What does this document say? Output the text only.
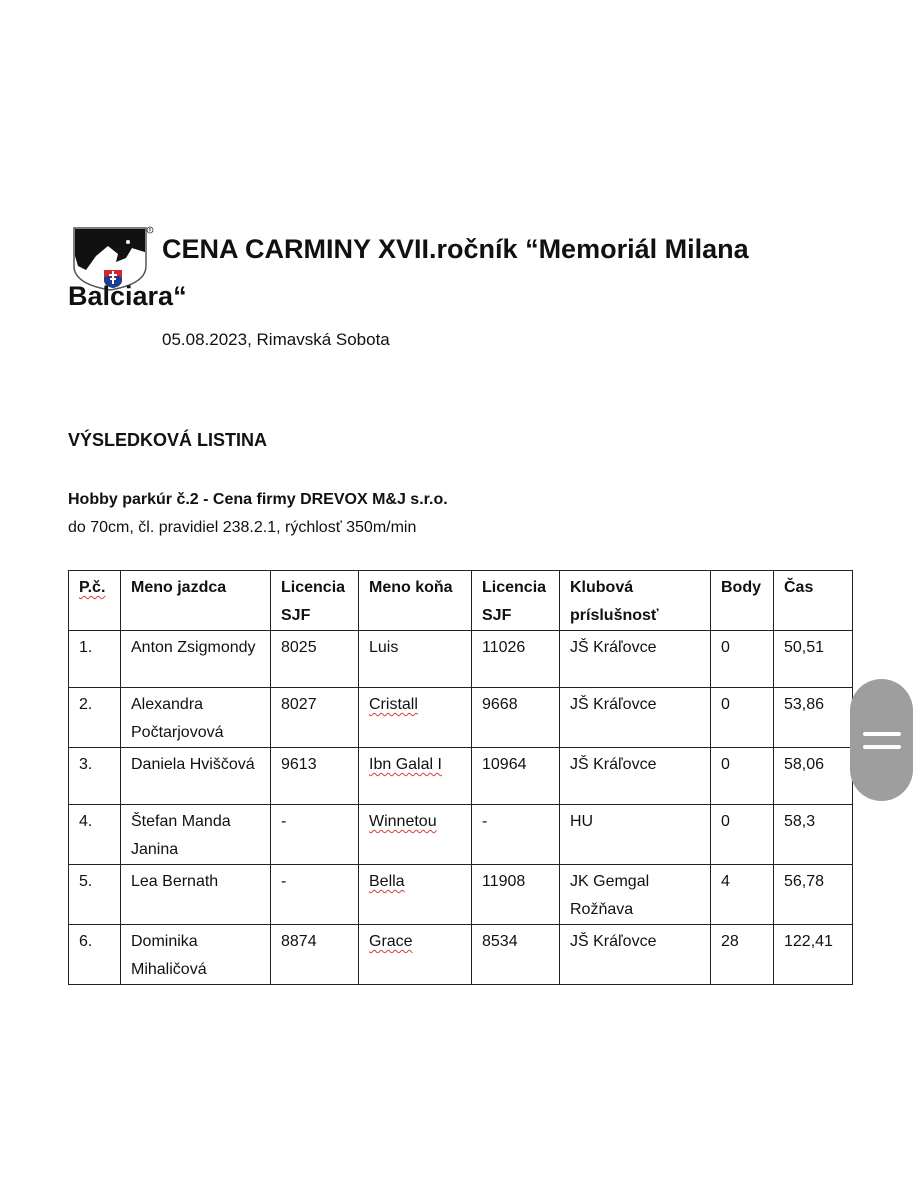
R
CENA CARMINY XVII.ročník “Memoriál Milana
Balciara“
05.08.2023, Rimavská Sobota
VÝSLEDKOVÁ LISTINA
Hobby parkúr č.2 - Cena firmy DREVOX M&J s.r.o.
do 70cm, čl. pravidiel 238.2.1, rýchlosť 350m/min
P.č.	Meno jazdca	Licencia SJF	Meno koňa	Licencia SJF	Klubová príslušnosť	Body	Čas
1.	Anton Zsigmondy	8025	Luis	11026	JŠ Kráľovce	0	50,51
2.	Alexandra Počtarjovová	8027	Cristall	9668	JŠ Kráľovce	0	53,86
3.	Daniela Hviščová	9613	Ibn Galal I	10964	JŠ Kráľovce	0	58,06
4.	Štefan Manda Janina	-	Winnetou	-	HU	0	58,3
5.	Lea Bernath	-	Bella	11908	JK Gemgal Rožňava	4	56,78
6.	Dominika Mihaličová	8874	Grace	8534	JŠ Kráľovce	28	122,41
